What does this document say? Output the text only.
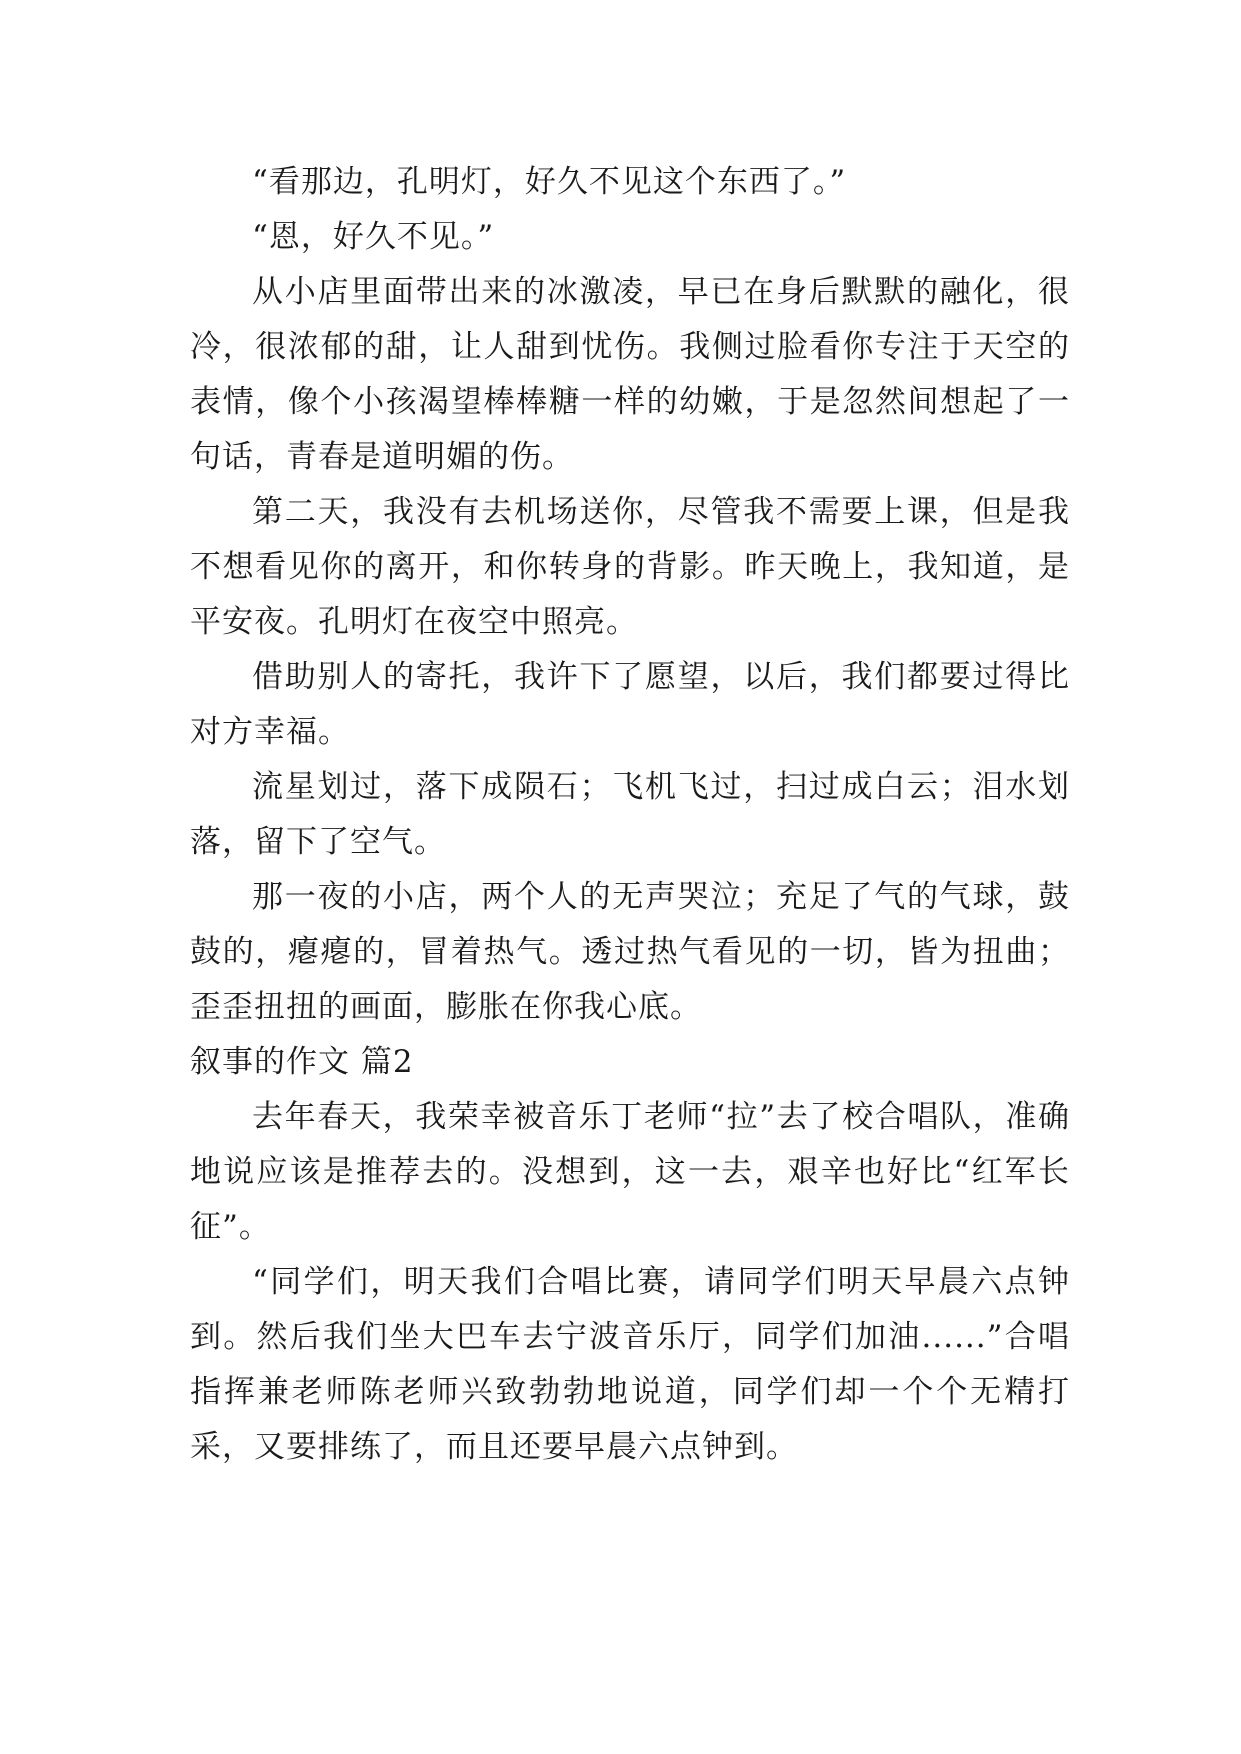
“看那边，孔明灯，好久不见这个东西了。”

“恩，好久不见。”

从小店里面带出来的冰激凌，早已在身后默默的融化，很冷，很浓郁的甜，让人甜到忧伤。我侧过脸看你专注于天空的表情，像个小孩渴望棒棒糖一样的幼嫩，于是忽然间想起了一句话，青春是道明媚的伤。

第二天，我没有去机场送你，尽管我不需要上课，但是我不想看见你的离开，和你转身的背影。昨天晚上，我知道，是平安夜。孔明灯在夜空中照亮。

借助别人的寄托，我许下了愿望，以后，我们都要过得比对方幸福。

流星划过，落下成陨石；飞机飞过，扫过成白云；泪水划落，留下了空气。

那一夜的小店，两个人的无声哭泣；充足了气的气球，鼓鼓的，瘪瘪的，冒着热气。透过热气看见的一切，皆为扭曲；歪歪扭扭的画面，膨胀在你我心底。

叙事的作文 篇2

去年春天，我荣幸被音乐丁老师“拉”去了校合唱队，准确地说应该是推荐去的。没想到，这一去，艰辛也好比“红军长征”。

“同学们，明天我们合唱比赛，请同学们明天早晨六点钟到。然后我们坐大巴车去宁波音乐厅，同学们加油......”合唱指挥兼老师陈老师兴致勃勃地说道，同学们却一个个无精打采，又要排练了，而且还要早晨六点钟到。
